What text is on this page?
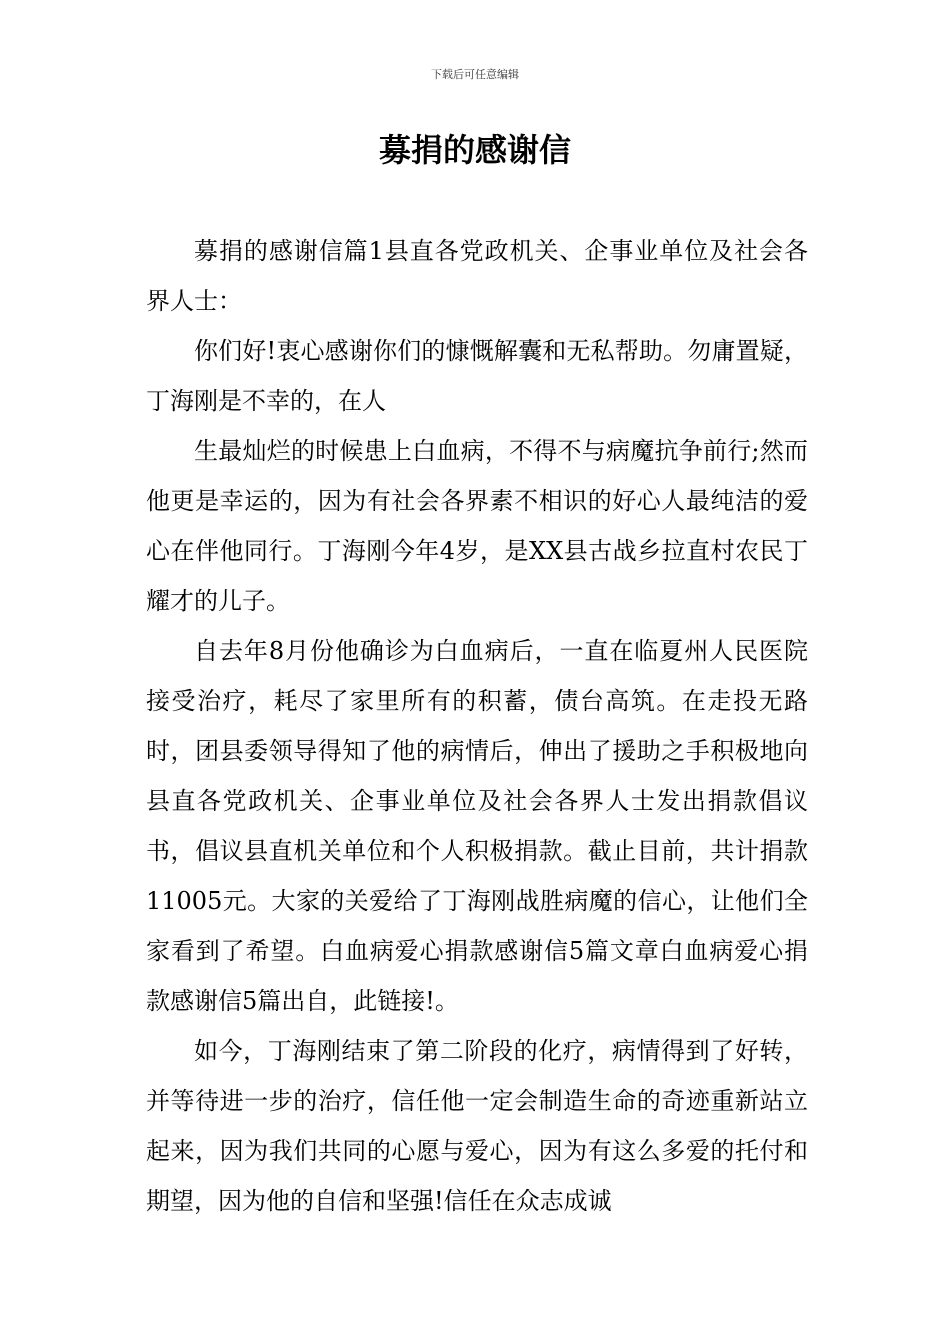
下载后可任意编辑
募捐的感谢信

募捐的感谢信篇1县直各党政机关、企事业单位及社会各界人士：

你们好!衷心感谢你们的慷慨解囊和无私帮助。勿庸置疑，丁海刚是不幸的，在人

生最灿烂的时候患上白血病，不得不与病魔抗争前行;然而他更是幸运的，因为有社会各界素不相识的好心人最纯洁的爱心在伴他同行。丁海刚今年4岁，是XX县古战乡拉直村农民丁耀才的儿子。

自去年8月份他确诊为白血病后，一直在临夏州人民医院接受治疗，耗尽了家里所有的积蓄，债台高筑。在走投无路时，团县委领导得知了他的病情后，伸出了援助之手积极地向县直各党政机关、企事业单位及社会各界人士发出捐款倡议书，倡议县直机关单位和个人积极捐款。截止目前，共计捐款11005元。大家的关爱给了丁海刚战胜病魔的信心，让他们全家看到了希望。白血病爱心捐款感谢信5篇文章白血病爱心捐款感谢信5篇出自，此链接!。

如今，丁海刚结束了第二阶段的化疗，病情得到了好转，并等待进一步的治疗，信任他一定会制造生命的奇迹重新站立起来，因为我们共同的心愿与爱心，因为有这么多爱的托付和期望，因为他的自信和坚强!信任在众志成诚
